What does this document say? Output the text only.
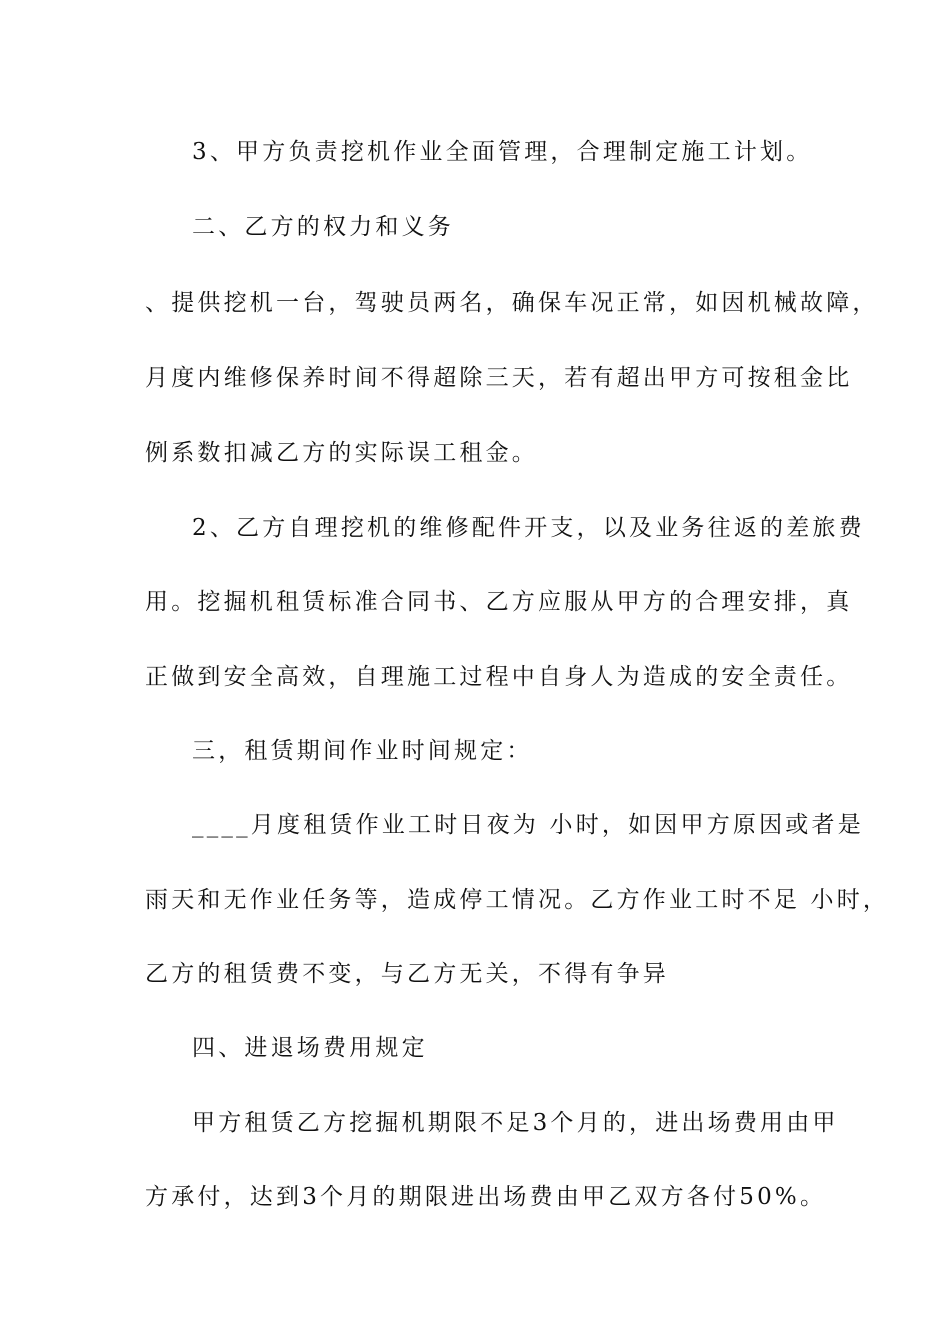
3、甲方负责挖机作业全面管理，合理制定施工计划。
二、乙方的权力和义务
、提供挖机一台，驾驶员两名，确保车况正常，如因机械故障，
月度内维修保养时间不得超除三天，若有超出甲方可按租金比
例系数扣减乙方的实际误工租金。
2、乙方自理挖机的维修配件开支，以及业务往返的差旅费
用。挖掘机租赁标准合同书、乙方应服从甲方的合理安排，真
正做到安全高效，自理施工过程中自身人为造成的安全责任。
三，租赁期间作业时间规定：
____月度租赁作业工时日夜为 小时，如因甲方原因或者是
雨天和无作业任务等，造成停工情况。乙方作业工时不足 小时，
乙方的租赁费不变，与乙方无关，不得有争异
四、进退场费用规定
甲方租赁乙方挖掘机期限不足3个月的，进出场费用由甲
方承付，达到3个月的期限进出场费由甲乙双方各付50%。
